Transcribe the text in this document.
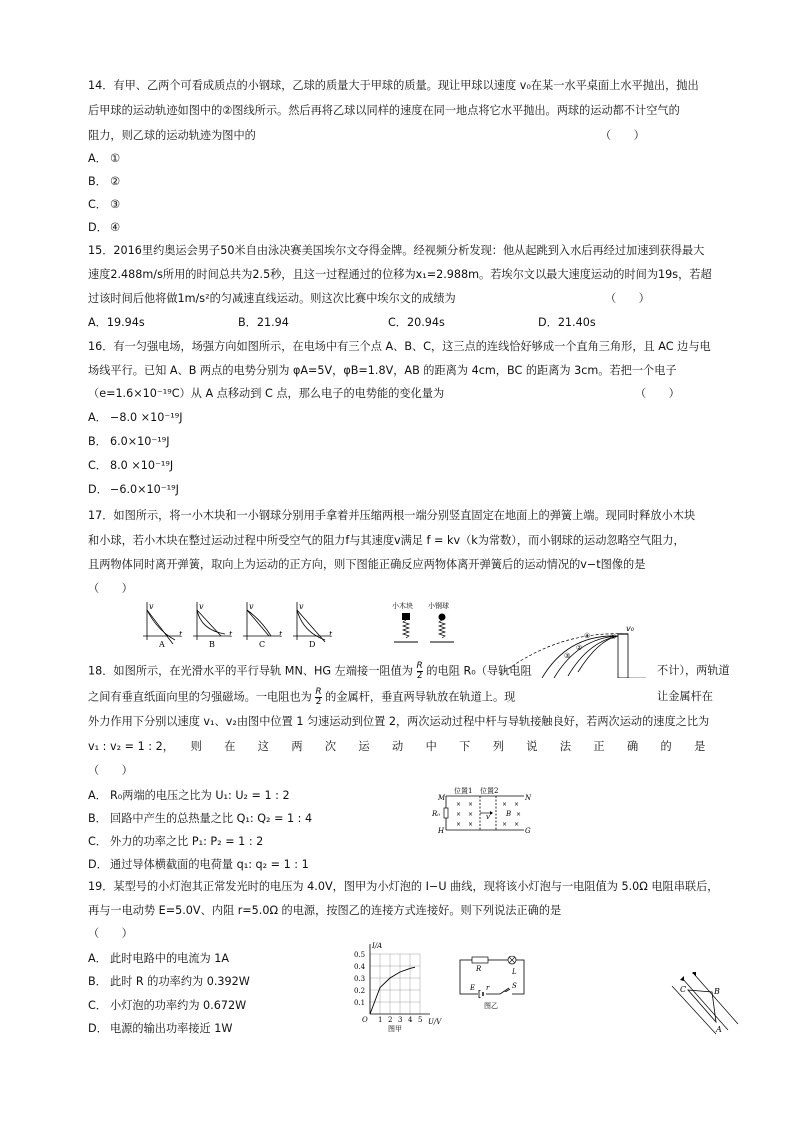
14．有甲、乙两个可看成质点的小钢球，乙球的质量大于甲球的质量。现让甲球以速度 v₀在某一水平桌面上水平抛出，抛出
后甲球的运动轨迹如图中的②图线所示。然后再将乙球以同样的速度在同一地点将它水平抛出。两球的运动都不计空气的
阻力，则乙球的运动轨迹为图中的	（　　）
A． ①
B． ②
C． ③
D． ④
15．2016里约奥运会男子50米自由泳决赛美国埃尔文夺得金牌。经视频分析发现：他从起跳到入水后再经过加速到获得最大
速度2.488m/s所用的时间总共为2.5秒，且这一过程通过的位移为x₁=2.988m。若埃尔文以最大速度运动的时间为19s，若超
过该时间后他将做1m/s²的匀减速直线运动。则这次比赛中埃尔文的成绩为	（　　）
A．19.94s	B．21.94	C．20.94s	D．21.40s
16．有一匀强电场，场强方向如图所示，在电场中有三个点 A、B、C，这三点的连线恰好够成一个直角三角形，且 AC 边与电
场线平行。已知 A、B 两点的电势分别为 φA=5V，φB=1.8V，AB 的距离为 4cm，BC 的距离为 3cm。若把一个电子
（e=1.6×10⁻¹⁹C）从 A 点移动到 C 点，那么电子的电势能的变化量为	（　　）
A． −8.0 ×10⁻¹⁹J
B． 6.0×10⁻¹⁹J
C． 8.0 ×10⁻¹⁹J
D． −6.0×10⁻¹⁹J
17．如图所示，将一小木块和一小钢球分别用手拿着并压缩两根一端分别竖直固定在地面上的弹簧上端。现同时释放小木块
和小球，若小木块在整过运动过程中所受空气的阻力f与其速度v满足 f = kv（k为常数），而小钢球的运动忽略空气阻力，
且两物体同时离开弹簧，取向上为运动的正方向，则下图能正确反应两物体离开弹簧后的运动情况的v−t图像的是
（　　）
v
t
A
v
t
B
v
t
C
v
t
D
小木块 小钢球
①
②
③
④
v₀
18．如图所示，在光滑水平的平行导轨 MN、HG 左端接一阻值为 $\frac{R}{2}$ 的电阻 R₀（导轨电阻	不计），两轨道
之间有垂直纸面向里的匀强磁场。一电阻也为 $\frac{R}{2}$ 的金属杆，垂直两导轨放在轨道上。现	让金属杆在
外力作用下分别以速度 v₁、v₂由图中位置 1 匀速运动到位置 2，两次运动过程中杆与导轨接触良好，若两次运动的速度之比为
v₁ : v₂ = 1 : 2，　　则　　在　　这　　两　　次　　运　　动　　中　　下　　列　　说　　法　　正　　确　　的　　是
（　　）
A． R₀两端的电压之比为 U₁: U₂ = 1 : 2
B． 回路中产生的总热量之比 Q₁: Q₂ = 1 : 4
C． 外力的功率之比 P₁: P₂ = 1 : 2
D． 通过导体横截面的电荷量 q₁: q₂ = 1 : 1
位置1 位置2
M
H
R₀
N
G
B
v
× ×	× ×
× ×	×
× ×	× ×
19．某型号的小灯泡其正常发光时的电压为 4.0V，图甲为小灯泡的 I−U 曲线，现将该小灯泡与一电阻值为 5.0Ω 电阻串联后，
再与一电动势 E=5.0V、内阻 r=5.0Ω 的电源，按图乙的连接方式连接好。则下列说法正确的是
（　　）
A． 此时电路中的电流为 1A
B． 此时 R 的功率约为 0.392W
C． 小灯泡的功率约为 0.672W
D． 电源的输出功率接近 1W
I/A
U/V
O
0.5
0.4
0.3
0.2
0.1
1 2 3 4 5
图甲
R	L
E r	S
图乙
C	B
A
